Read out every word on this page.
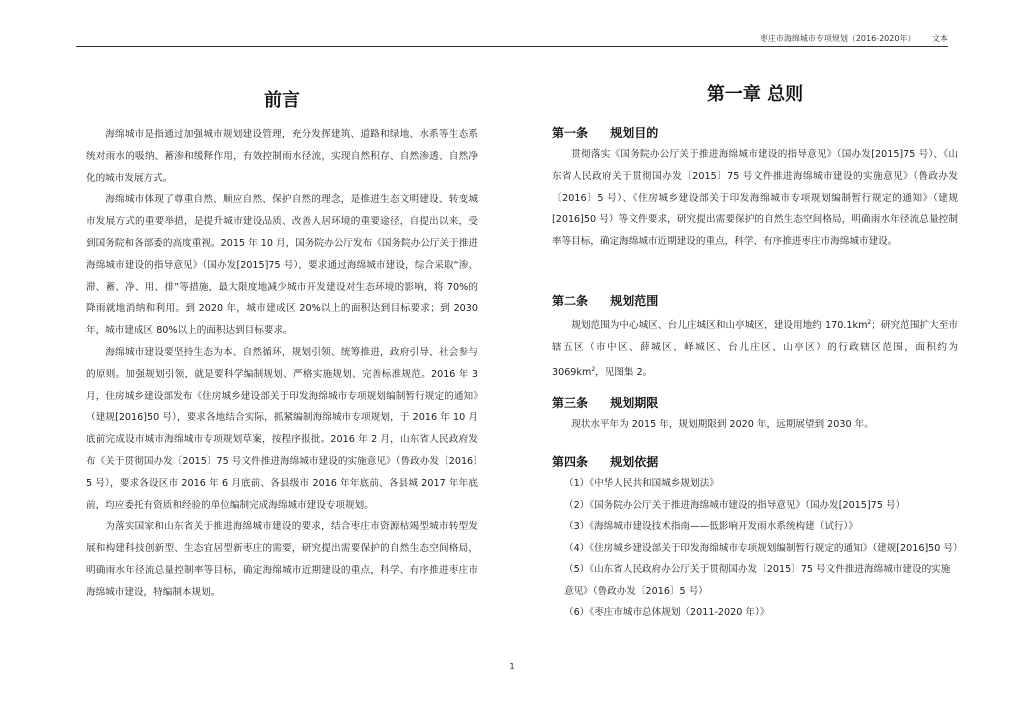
枣庄市海绵城市专项规划（2016-2020年） 文本
前言

海绵城市是指通过加强城市规划建设管理，充分发挥建筑、道路和绿地、水系等生态系统对雨水的吸纳、蓄渗和缓释作用，有效控制雨水径流，实现自然积存、自然渗透、自然净化的城市发展方式。

海绵城市体现了尊重自然、顺应自然、保护自然的理念，是推进生态文明建设、转变城市发展方式的重要举措，是提升城市建设品质、改善人居环境的重要途径，自提出以来，受到国务院和各部委的高度重视。2015 年 10 月，国务院办公厅发布《国务院办公厅关于推进海绵城市建设的指导意见》（国办发[2015]75 号），要求通过海绵城市建设，综合采取“渗、滞、蓄、净、用、排”等措施，最大限度地减少城市开发建设对生态环境的影响，将 70%的降雨就地消纳和利用。到 2020 年，城市建成区 20%以上的面积达到目标要求；到 2030 年，城市建成区 80%以上的面积达到目标要求。

海绵城市建设要坚持生态为本、自然循环，规划引领、统筹推进，政府引导、社会参与的原则。加强规划引领，就是要科学编制规划、严格实施规划、完善标准规范。2016 年 3 月，住房城乡建设部发布《住房城乡建设部关于印发海绵城市专项规划编制暂行规定的通知》（建规[2016]50 号），要求各地结合实际，抓紧编制海绵城市专项规划，于 2016 年 10 月底前完成设市城市海绵城市专项规划草案，按程序报批。2016 年 2 月，山东省人民政府发布《关于贯彻国办发〔2015〕75 号文件推进海绵城市建设的实施意见》（鲁政办发〔2016〕5 号），要求各设区市 2016 年 6 月底前、各县级市 2016 年年底前、各县城 2017 年年底前，均应委托有资质和经验的单位编制完成海绵城市建设专项规划。

为落实国家和山东省关于推进海绵城市建设的要求，结合枣庄市资源枯竭型城市转型发展和构建科技创新型、生态宜居型新枣庄的需要，研究提出需要保护的自然生态空间格局，明确雨水年径流总量控制率等目标，确定海绵城市近期建设的重点，科学、有序推进枣庄市海绵城市建设，特编制本规划。

第一章 总则
第一条 规划目的

贯彻落实《国务院办公厅关于推进海绵城市建设的指导意见》（国办发[2015]75 号）、《山东省人民政府关于贯彻国办发〔2015〕75 号文件推进海绵城市建设的实施意见》（鲁政办发〔2016〕5 号）、《住房城乡建设部关于印发海绵城市专项规划编制暂行规定的通知》（建规[2016]50 号）等文件要求，研究提出需要保护的自然生态空间格局，明确雨水年径流总量控制率等目标，确定海绵城市近期建设的重点，科学、有序推进枣庄市海绵城市建设。

第二条 规划范围

规划范围为中心城区、台儿庄城区和山亭城区，建设用地约 $170.1km^2$；研究范围扩大至市辖五区（市中区、薛城区、峄城区、台儿庄区、山亭区）的行政辖区范围，面积约为 $3069km^2$，见图集 2。

第三条 规划期限

现状水平年为 2015 年，规划期限到 2020 年，远期展望到 2030 年。

第四条 规划依据
（1）《中华人民共和国城乡规划法》
（2）《国务院办公厅关于推进海绵城市建设的指导意见》（国办发[2015]75 号）
（3）《海绵城市建设技术指南——低影响开发雨水系统构建（试行）》
（4）《住房城乡建设部关于印发海绵城市专项规划编制暂行规定的通知》（建规[2016]50 号）
（5）《山东省人民政府办公厅关于贯彻国办发〔2015〕75 号文件推进海绵城市建设的实施意见》（鲁政办发〔2016〕5 号）
（6）《枣庄市城市总体规划（2011-2020 年）》
1
